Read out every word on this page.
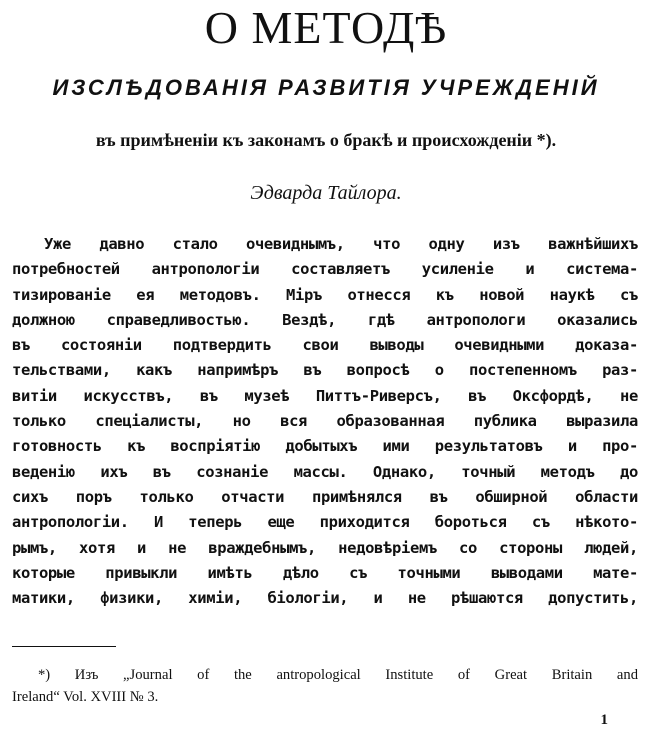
О МЕТОДѢ
ИЗСЛѢДОВАНІЯ РАЗВИТІЯ УЧРЕЖДЕНІЙ
въ примѣненіи къ законамъ о бракѣ и происхожденіи *).
Эдварда Тайлора.
Уже давно стало очевиднымъ, что одну изъ важнѣйшихъ
потребностей антропологіи составляетъ усиленіе и система-
тизированіе ея методовъ. Міръ отнесся къ новой наукѣ съ
должною справедливостью. Вездѣ, гдѣ антропологи оказались
въ состояніи подтвердить свои выводы очевидными доказа-
тельствами, какъ напримѣръ въ вопросѣ о постепенномъ раз-
витіи искусствъ, въ музеѣ Питтъ-Риверсъ, въ Оксфордѣ, не
только спеціалисты, но вся образованная публика выразила
готовность къ воспріятію добытыхъ ими результатовъ и про-
веденію ихъ въ сознаніе массы. Однако, точный методъ до
сихъ поръ только отчасти примѣнялся въ обширной области
антропологіи. И теперь еще приходится бороться съ нѣкото-
рымъ, хотя и не враждебнымъ, недовѣріемъ со стороны людей,
которые привыкли имѣть дѣло съ точными выводами мате-
матики, физики, химіи, біологіи, и не рѣшаются допустить,
*) Изъ „Journal of the antropological Institute of Great Britain and
Ireland“ Vol. XVIII № 3.
1
